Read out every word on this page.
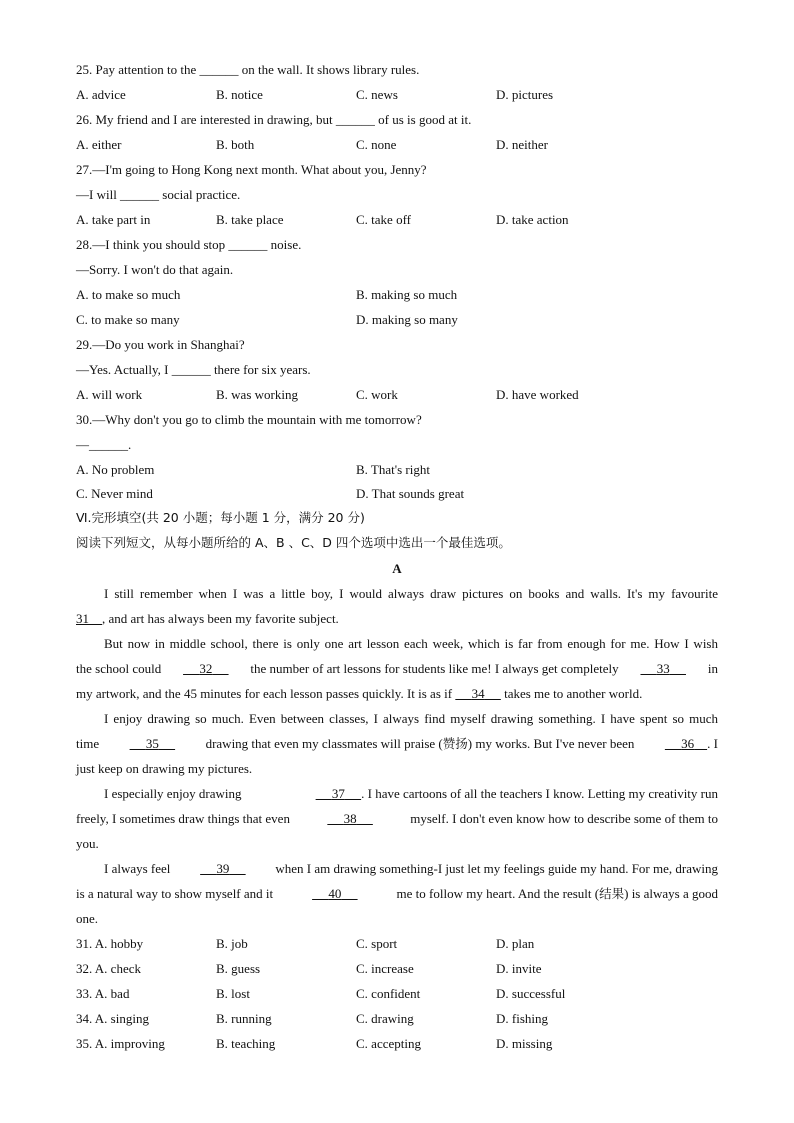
25. Pay attention to the ______ on the wall. It shows library rules.
A. advice	B. notice	C. news	D. pictures
26. My friend and I are interested in drawing, but ______ of us is good at it.
A. either	B. both	C. none	D. neither
27.—I'm going to Hong Kong next month. What about you, Jenny?
—I will ______ social practice.
A. take part in	B. take place	C. take off	D. take action
28.—I think you should stop ______ noise.
—Sorry. I won't do that again.
A. to make so much	B. making so much
C. to make so many	D. making so many
29.—Do you work in Shanghai?
—Yes. Actually, I ______ there for six years.
A. will work	B. was working	C. work	D. have worked
30.—Why don't you go to climb the mountain with me tomorrow?
—______.
A. No problem	B. That's right
C. Never mind	D. That sounds great
Ⅵ.完形填空(共 20 小题；每小题 1 分，满分 20 分)
阅读下列短文，从每小题所给的 A、B 、C、D 四个选项中选出一个最佳选项。
A
I still remember when I was a little boy, I would always draw pictures on books and walls. It's my favourite
31 , and art has always been my favorite subject.
But now in middle school, there is only one art lesson each week, which is far from enough for me. How I wish
the school could	32	the number of art lessons for students like me! I always get completely	33	in
my artwork, and the 45 minutes for each lesson passes quickly. It is as if      34      takes me to another world.
I enjoy drawing so much. Even between classes, I always find myself drawing something. I have spent so much
time	35	drawing that even my classmates will praise (赞扬) my works. But I've never been	36 . I
just keep on drawing my pictures.
I especially enjoy drawing	37 . I have cartoons of all the teachers I know. Letting my creativity run
freely, I sometimes draw things that even	38	myself. I don't even know how to describe some of them to
you.
I always feel	39	when I am drawing something-I just let my feelings guide my hand. For me, drawing
is a natural way to show myself and it	40	me to follow my heart. And the result (结果) is always a good
one.
31. A. hobby	B. job	C. sport	D. plan
32. A. check	B. guess	C. increase	D. invite
33. A. bad	B. lost	C. confident	D. successful
34. A. singing	B. running	C. drawing	D. fishing
35. A. improving	B. teaching	C. accepting	D. missing
